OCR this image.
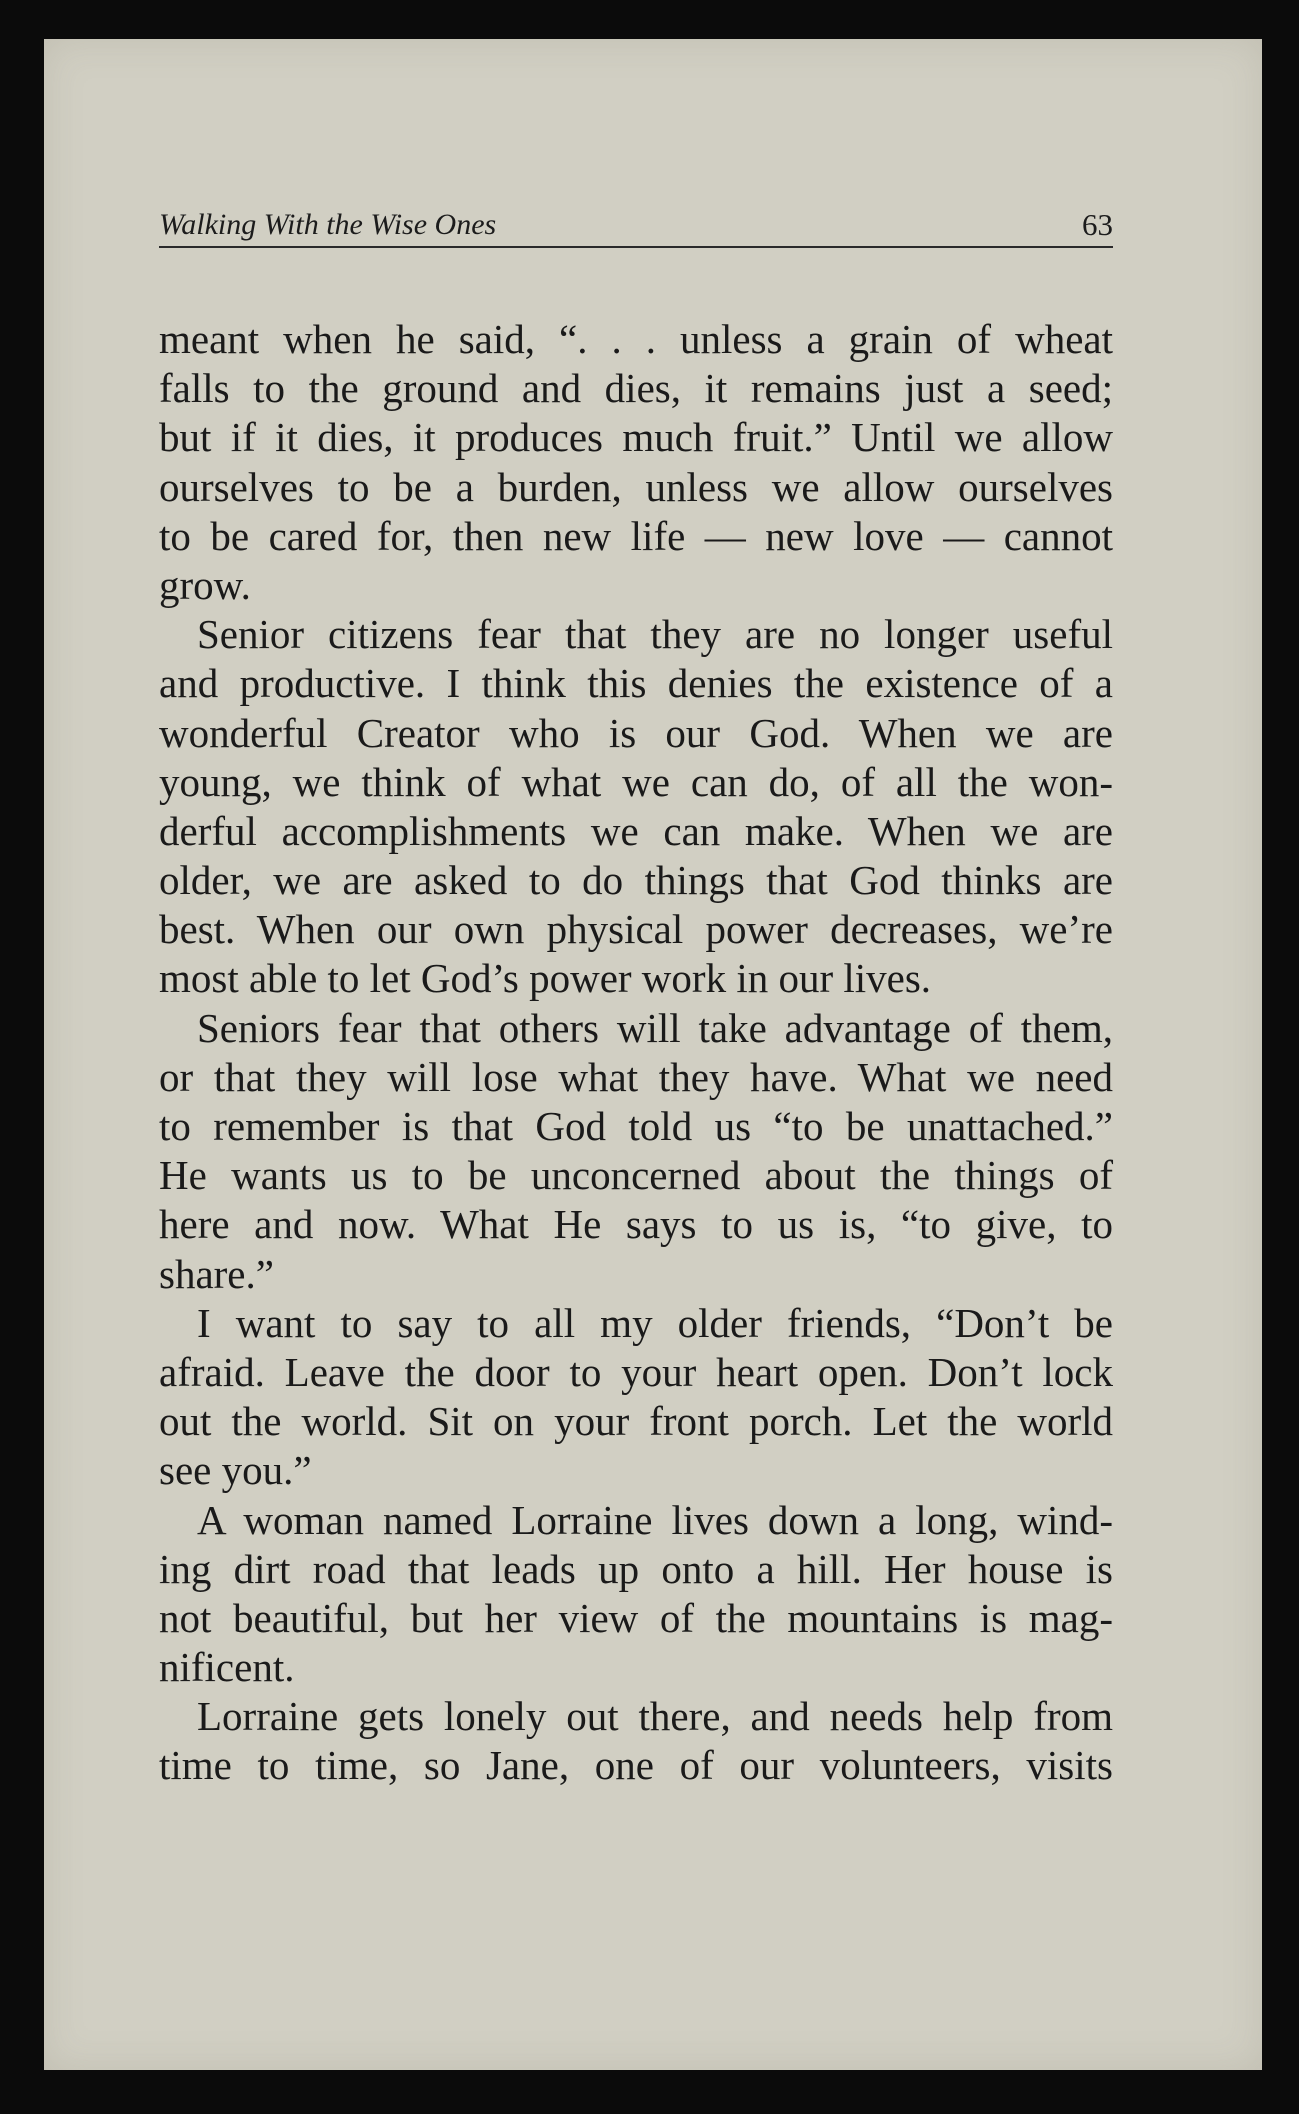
Walking With the Wise Ones	63
meant when he said, “. . . unless a grain of wheat
falls to the ground and dies, it remains just a seed;
but if it dies, it produces much fruit.” Until we allow
ourselves to be a burden, unless we allow ourselves
to be cared for, then new life — new love — cannot
grow.
Senior citizens fear that they are no longer useful
and productive. I think this denies the existence of a
wonderful Creator who is our God. When we are
young, we think of what we can do, of all the won-
derful accomplishments we can make. When we are
older, we are asked to do things that God thinks are
best. When our own physical power decreases, we’re
most able to let God’s power work in our lives.
Seniors fear that others will take advantage of them,
or that they will lose what they have. What we need
to remember is that God told us “to be unattached.”
He wants us to be unconcerned about the things of
here and now. What He says to us is, “to give, to
share.”
I want to say to all my older friends, “Don’t be
afraid. Leave the door to your heart open. Don’t lock
out the world. Sit on your front porch. Let the world
see you.”
A woman named Lorraine lives down a long, wind-
ing dirt road that leads up onto a hill. Her house is
not beautiful, but her view of the mountains is mag-
nificent.
Lorraine gets lonely out there, and needs help from
time to time, so Jane, one of our volunteers, visits
